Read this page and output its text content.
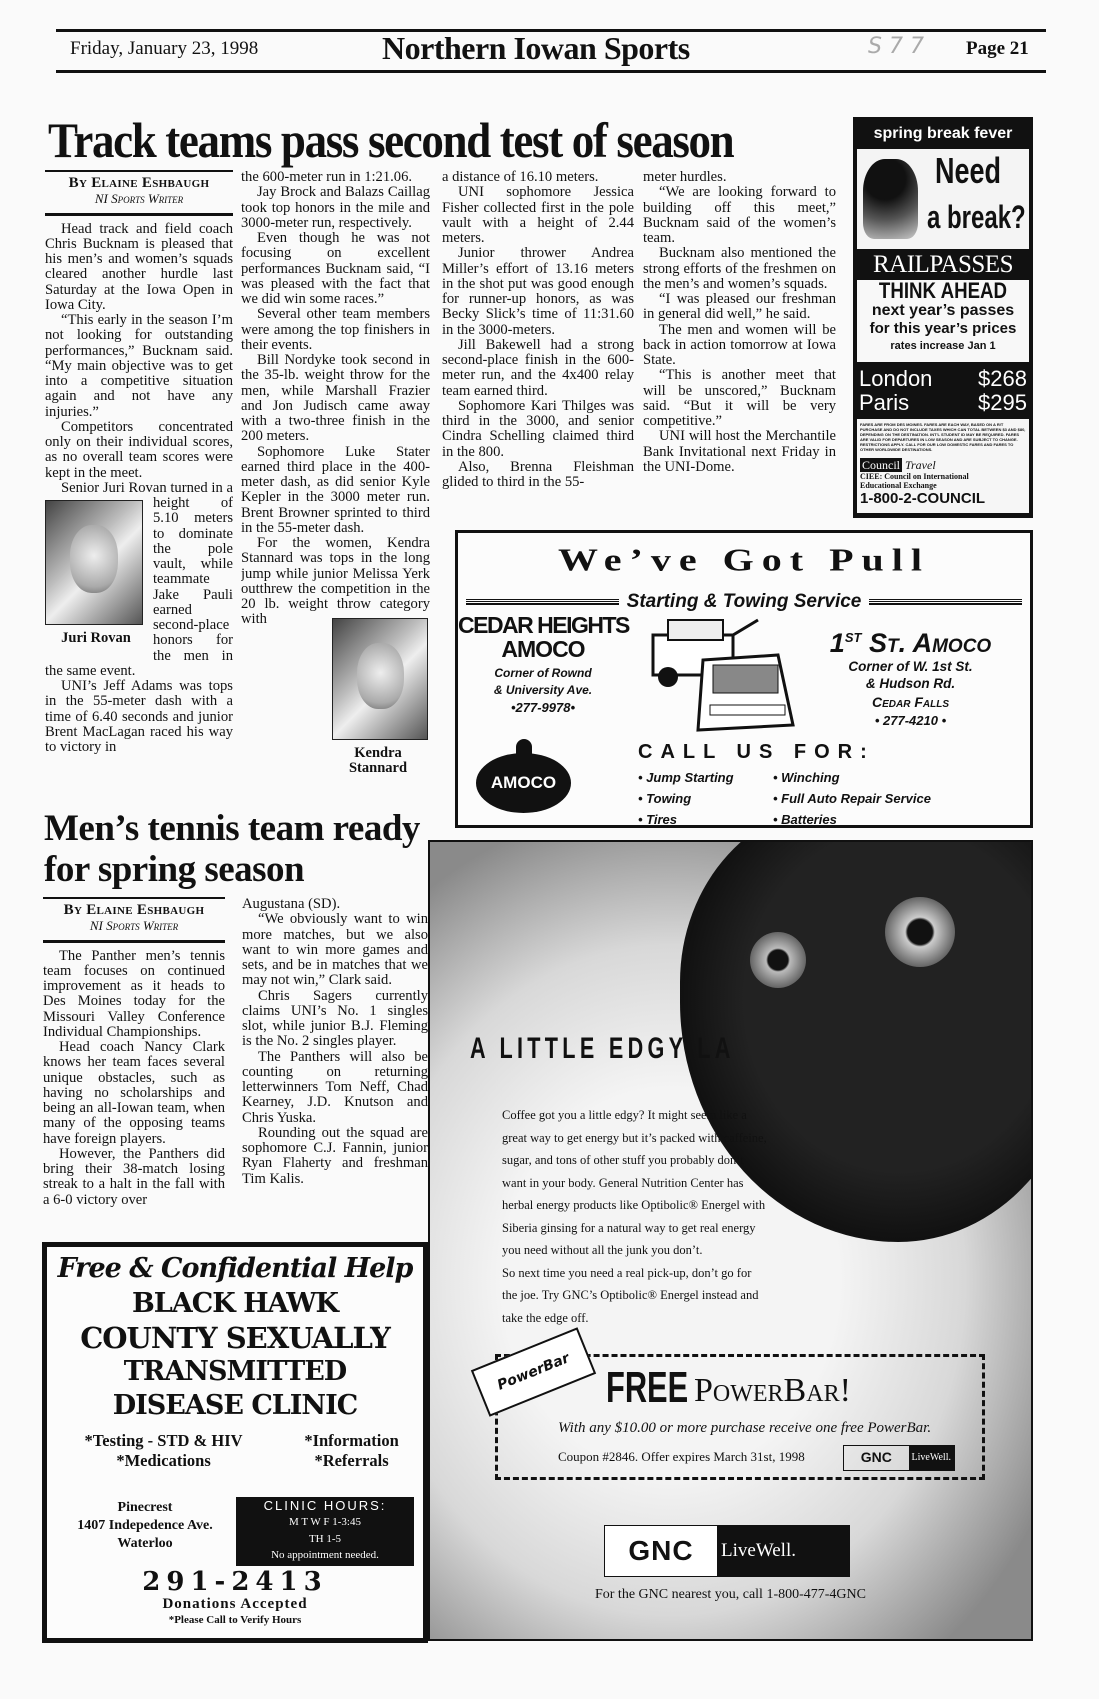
Friday, January 23, 1998	Northern Iowan Sports	S 7 7 Page 21
Track teams pass second test of season
By Elaine Eshbaugh
NI Sports Writer
Juri Rovan

Head track and field coach Chris Bucknam is pleased that his men’s and women’s squads cleared another hurdle last Saturday at the Iowa Open in Iowa City.

“This early in the season I’m not looking for outstanding performances,” Bucknam said. “My main objective was to get into a competitive situation again and not have any injuries.”

Competitors concentrated only on their individual scores, as no overall team scores were kept in the meet.

Senior Juri Rovan turned in a height of 5.10 meters to dominate the pole vault, while teammate Jake Pauli earned second-place honors for the men in the same event.

UNI’s Jeff Adams was tops in the 55-meter dash with a time of 6.40 seconds and junior Brent MacLagan raced his way to victory in	Kendra Stannard

the 600-meter run in 1:21.06.

Jay Brock and Balazs Caillag took top honors in the mile and 3000-meter run, respectively.

Even though he was not focusing on excellent performances Bucknam said, “I was pleased with the fact that we did win some races.”

Several other team members were among the top finishers in their events.

Bill Nordyke took second in the 35-lb. weight throw for the men, while Marshall Frazier and Jon Judisch came away with a two-three finish in the 200 meters.

Sophomore Luke Stater earned third place in the 400-meter dash, as did senior Kyle Kepler in the 3000 meter run. Brent Browner sprinted to third in the 55-meter dash.

For the women, Kendra Stannard was tops in the long jump while junior Melissa Yerk outthrew the competition in the 20 lb. weight throw category with

a distance of 16.10 meters.

UNI sophomore Jessica Fisher collected first in the pole vault with a height of 2.44 meters.

Junior thrower Andrea Miller’s effort of 13.16 meters in the shot put was good enough for runner-up honors, as was Becky Slick’s time of 11:31.60 in the 3000-meters.

Jill Bakewell had a strong second-place finish in the 600-meter run, and the 4x400 relay team earned third.

Sophomore Kari Thilges was third in the 3000, and senior Cindra Schelling claimed third in the 800.

Also, Brenna Fleishman glided to third in the 55-

meter hurdles.

“We are looking forward to building off this meet,” Bucknam said of the women’s team.

Bucknam also mentioned the strong efforts of the freshmen on the men’s and women’s squads.

“I was pleased our freshman in general did well,” he said.

The men and women will be back in action tomorrow at Iowa State.

“This is another meet that will be unscored,” Bucknam said. “But it will be very competitive.”

UNI will host the Merchantile Bank Invitational next Friday in the UNI-Dome.

spring break fever
Need
a break?
RAILPASSES
THINK AHEAD
next year’s passes
for this year’s prices
rates increase Jan 1
London $268
Paris	$295
FARES ARE FROM DES MOINES. FARES ARE EACH WAY, BASED ON A R/T PURCHASE AND DO NOT INCLUDE TAXES WHICH CAN TOTAL BETWEEN $3 AND $80, DEPENDING ON THE DESTINATION. INT'L STUDENT ID MAY BE REQUIRED. FARES ARE VALID FOR DEPARTURES IN LOW SEASON AND ARE SUBJECT TO CHANGE. RESTRICTIONS APPLY. CALL FOR OUR LOW DOMESTIC FARES AND FARES TO OTHER WORLDWIDE DESTINATIONS.
Council Travel
CIEE: Council on International Educational Exchange
1-800-2-COUNCIL
We’ve Got Pull
Starting & Towing Service
CEDAR HEIGHTS
AMOCO
Corner of Rownd
& University Ave.
•277-9978•
AMOCO
1ST St. Amoco
Corner of W. 1st St.
& Hudson Rd.
Cedar Falls
• 277-4210 •
CALL US FOR:
• Jump Starting
• Towing
• Tires
• Winching
• Full Auto Repair Service
• Batteries
Men’s tennis team ready for spring season
By Elaine Eshbaugh
NI Sports Writer

The Panther men’s tennis team focuses on continued improvement as it heads to Des Moines today for the Missouri Valley Conference Individual Championships.

Head coach Nancy Clark knows her team faces several unique obstacles, such as having no scholarships and being an all-Iowan team, when many of the opposing teams have foreign players.

However, the Panthers did bring their 38-match losing streak to a halt in the fall with a 6-0 victory over

Augustana (SD).

“We obviously want to win more matches, but we also want to win more games and sets, and be in matches that we may not win,” Clark said.

Chris Sagers currently claims UNI’s No. 1 singles slot, while junior B.J. Fleming is the No. 2 singles player.

The Panthers will also be counting on returning letterwinners Tom Neff, Chad Kearney, J.D. Knutson and Chris Yuska.

Rounding out the squad are sophomore C.J. Fannin, junior Ryan Flaherty and freshman Tim Kalis.

Free & Confidential Help
BLACK HAWK
COUNTY SEXUALLY
TRANSMITTED
DISEASE CLINIC
*Testing - STD & HIV	*Information
*Medications	*Referrals
Pinecrest
1407 Indepedence Ave.
Waterloo
CLINIC HOURS:
M T W F 1-3:45
TH 1-5
No appointment needed.
291-2413
Donations Accepted
*Please Call to Verify Hours
A LITTLE EDGY LA
Coffee got you a little edgy? It might seem like a
great way to get energy but it’s packed with caffeine,
sugar, and tons of other stuff you probably don’t
want in your body. General Nutrition Center has
herbal energy products like Optibolic® Energel with
Siberia ginsing for a natural way to get real energy
you need without all the junk you don’t.
So next time you need a real pick-up, don’t go for
the joe. Try GNC’s Optibolic® Energel instead and
take the edge off.
PowerBar FREE PowerBar!
With any $10.00 or more purchase receive one free PowerBar.
Coupon #2846. Offer expires March 31st, 1998	GNC	LiveWell.
GNC	LiveWell.
For the GNC nearest you, call 1-800-477-4GNC
